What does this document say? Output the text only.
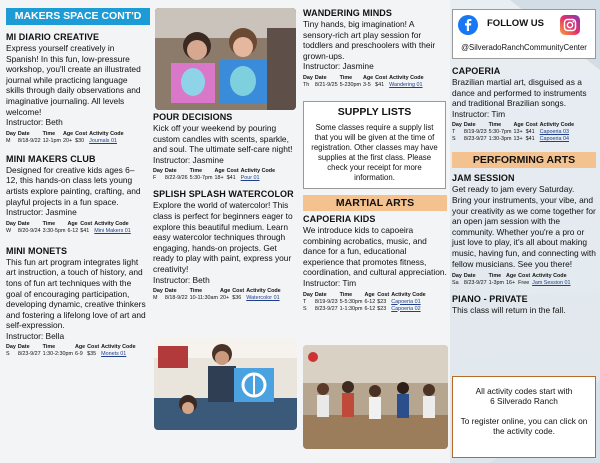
MAKERS SPACE CONT'D
MI DIARIO CREATIVE
Express yourself creatively in Spanish! In this fun, low-pressure workshop, you'll create an illustrated journal while practicing language skills through daily observations and imaginative journaling. All levels welcome!
Instructor: Beth
Day	Date	Time	Age	Cost	Activity Code
M	8/18-9/22	12-1pm	20+	$30	Journals 01
MINI MAKERS CLUB
Designed for creative kids ages 6–12, this hands-on class lets young artists explore painting, crafting, and playful projects in a fun space.
Instructor: Jasmine
Day	Date	Time	Age	Cost	Activity Code
W	8/20-9/24	3:30-5pm	6-12	$41	Mini Makers 01
MINI MONETS
This fun art program integrates light art instruction, a touch of history, and tons of fun art techniques with the goal of encouraging participation, developing dynamic, creative thinkers and fostering a lifelong love of art and self-expression.
Instructor: Bella
Day	Date	Time	Age	Cost	Activity Code
S	8/23-9/27	1:30-2:30pm	6-9	$35	Monets 01
POUR DECISIONS
Kick off your weekend by pouring custom candles with scents, sparkle, and soul. The ultimate self-care night!
Instructor: Jasmine
Day	Date	Time	Age	Cost	Activity Code
F	8/22-9/26	5:30-7pm	18+	$41	Pour 01
SPLISH SPLASH WATERCOLOR
Explore the world of watercolor! This class is perfect for beginners eager to explore this beautiful medium. Learn easy watercolor techniques through engaging, hands-on projects. Get ready to play with paint, express your creativity!
Instructor: Beth
Day	Date	Time	Age	Cost	Activity Code
M	8/18-9/22	10-11:30am	20+	$36	Watercolor 01
WANDERING MINDS
Tiny hands, big imagination! A sensory-rich art play session for toddlers and preschoolers with their grown-ups.
Instructor: Jasmine
Day	Date	Time	Age	Cost	Activity Code
Th	8/21-9/25	5-230pm	3-5	$41	Wandering 01
SUPPLY LISTS
Some classes require a supply list that you will be given at the time of registration. Other classes may have supplies at the first class. Please check your receipt for more information.
MARTIAL ARTS
CAPOERIA KIDS
We introduce kids to capoeira combining acrobatics, music, and dance for a fun, educational experience that promotes fitness, coordination, and cultural appreciation.
Instructor: Tim
Day	Date	Time	Age	Cost	Activity Code
T	8/19-9/23	5-5:30pm	6-12	$23	Capoeria 01
S	8/23-9/27	1-1:30pm	6-12	$23	Capoeria 02
FOLLOW US
@SilveradoRanchCommunityCenter
CAPOERIA
Brazilian martial art, disguised as a dance and performed to instruments and traditional Brazilian songs.
Instructor: Tim
Day	Date	Time	Age	Cost	Activity Code
T	8/19-9/23	5:30-7pm	13+	$41	Capoeria 03
S	8/23-9/27	1:30-3pm	13+	$41	Capoeria 04
PERFORMING ARTS
JAM SESSION
Get ready to jam every Saturday. Bring your instruments, your vibe, and your creativity as we come together for an open jam session with the community. Whether you're a pro or just love to play, it's all about making music, having fun, and connecting with fellow musicians. See you there!
Day	Date	Time	Age	Cost	Activity Code
Sa	8/23-9/27	1-3pm	16+	Free	Jam Session 01
PIANO - PRIVATE
This class will return in the fall.
All activity codes start with
6 Silverado Ranch
To register online, you can click on the activity code.
